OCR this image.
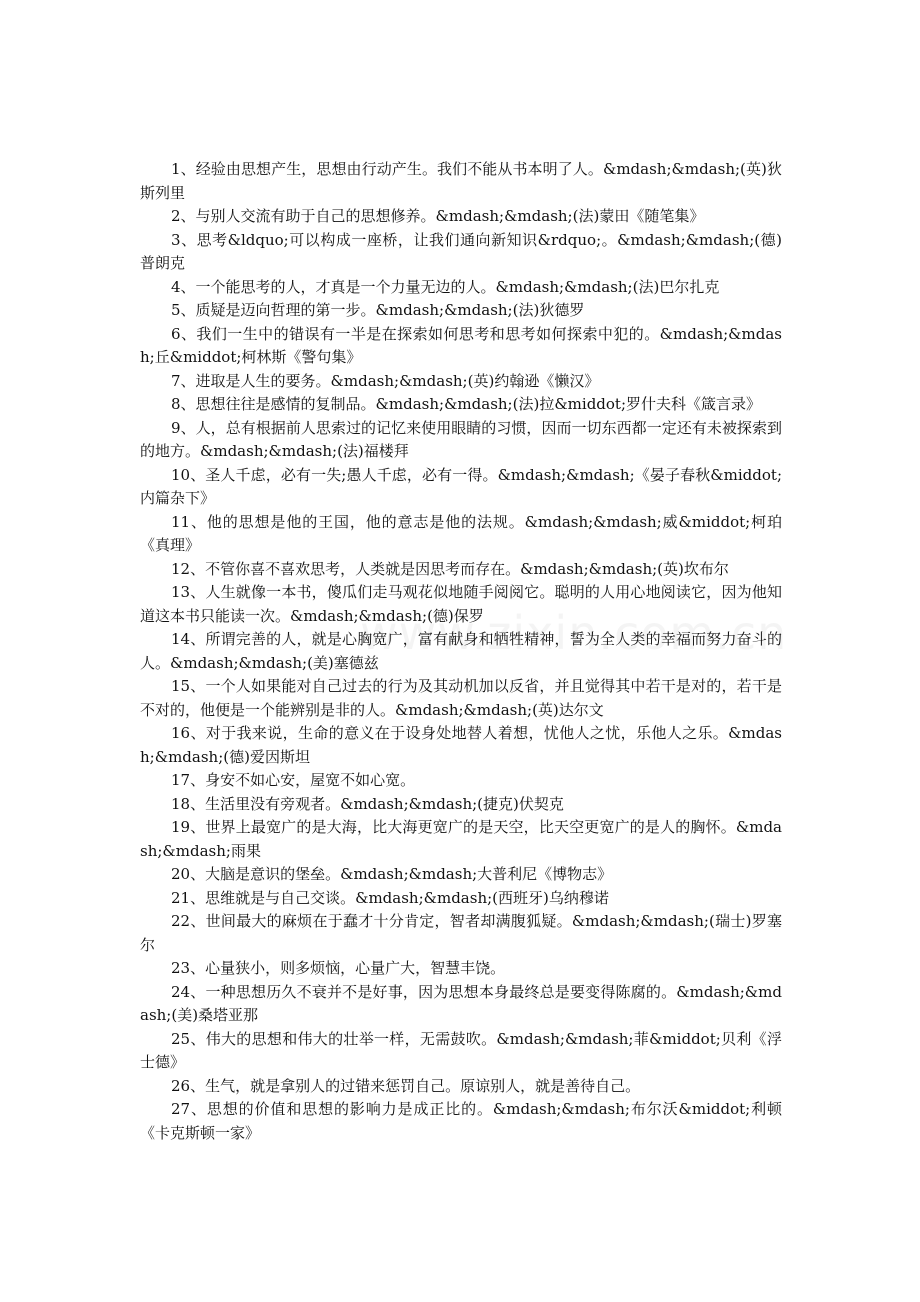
1、经验由思想产生，思想由行动产生。我们不能从书本明了人。&mdash;&mdash;(英)狄斯列里

2、与别人交流有助于自己的思想修养。&mdash;&mdash;(法)蒙田《随笔集》

3、思考&ldquo;可以构成一座桥，让我们通向新知识&rdquo;。&mdash;&mdash;(德)普朗克

4、一个能思考的人，才真是一个力量无边的人。&mdash;&mdash;(法)巴尔扎克

5、质疑是迈向哲理的第一步。&mdash;&mdash;(法)狄德罗

6、我们一生中的错误有一半是在探索如何思考和思考如何探索中犯的。&mdash;&mdash;丘&middot;柯林斯《警句集》

7、进取是人生的要务。&mdash;&mdash;(英)约翰逊《懒汉》

8、思想往往是感情的复制品。&mdash;&mdash;(法)拉&middot;罗什夫科《箴言录》

9、人，总有根据前人思索过的记忆来使用眼睛的习惯，因而一切东西都一定还有未被探索到的地方。&mdash;&mdash;(法)福楼拜

10、圣人千虑，必有一失;愚人千虑，必有一得。&mdash;&mdash;《晏子春秋&middot;内篇杂下》

11、他的思想是他的王国，他的意志是他的法规。&mdash;&mdash;威&middot;柯珀《真理》

12、不管你喜不喜欢思考，人类就是因思考而存在。&mdash;&mdash;(英)坎布尔

13、人生就像一本书，傻瓜们走马观花似地随手阅阅它。聪明的人用心地阅读它，因为他知道这本书只能读一次。&mdash;&mdash;(德)保罗

14、所谓完善的人，就是心胸宽广，富有献身和牺牲精神，誓为全人类的幸福而努力奋斗的人。&mdash;&mdash;(美)塞德兹

15、一个人如果能对自己过去的行为及其动机加以反省，并且觉得其中若干是对的，若干是不对的，他便是一个能辨别是非的人。&mdash;&mdash;(英)达尔文

16、对于我来说，生命的意义在于设身处地替人着想，忧他人之忧，乐他人之乐。&mdash;&mdash;(德)爱因斯坦

17、身安不如心安，屋宽不如心宽。

18、生活里没有旁观者。&mdash;&mdash;(捷克)伏契克

19、世界上最宽广的是大海，比大海更宽广的是天空，比天空更宽广的是人的胸怀。&mdash;&mdash;雨果

20、大脑是意识的堡垒。&mdash;&mdash;大普利尼《博物志》

21、思维就是与自己交谈。&mdash;&mdash;(西班牙)乌纳穆诺

22、世间最大的麻烦在于蠢才十分肯定，智者却满腹狐疑。&mdash;&mdash;(瑞士)罗塞尔

23、心量狭小，则多烦恼，心量广大，智慧丰饶。

24、一种思想历久不衰并不是好事，因为思想本身最终总是要变得陈腐的。&mdash;&mdash;(美)桑塔亚那

25、伟大的思想和伟大的壮举一样，无需鼓吹。&mdash;&mdash;菲&middot;贝利《浮士德》

26、生气，就是拿别人的过错来惩罚自己。原谅别人，就是善待自己。

27、思想的价值和思想的影响力是成正比的。&mdash;&mdash;布尔沃&middot;利顿《卡克斯顿一家》
